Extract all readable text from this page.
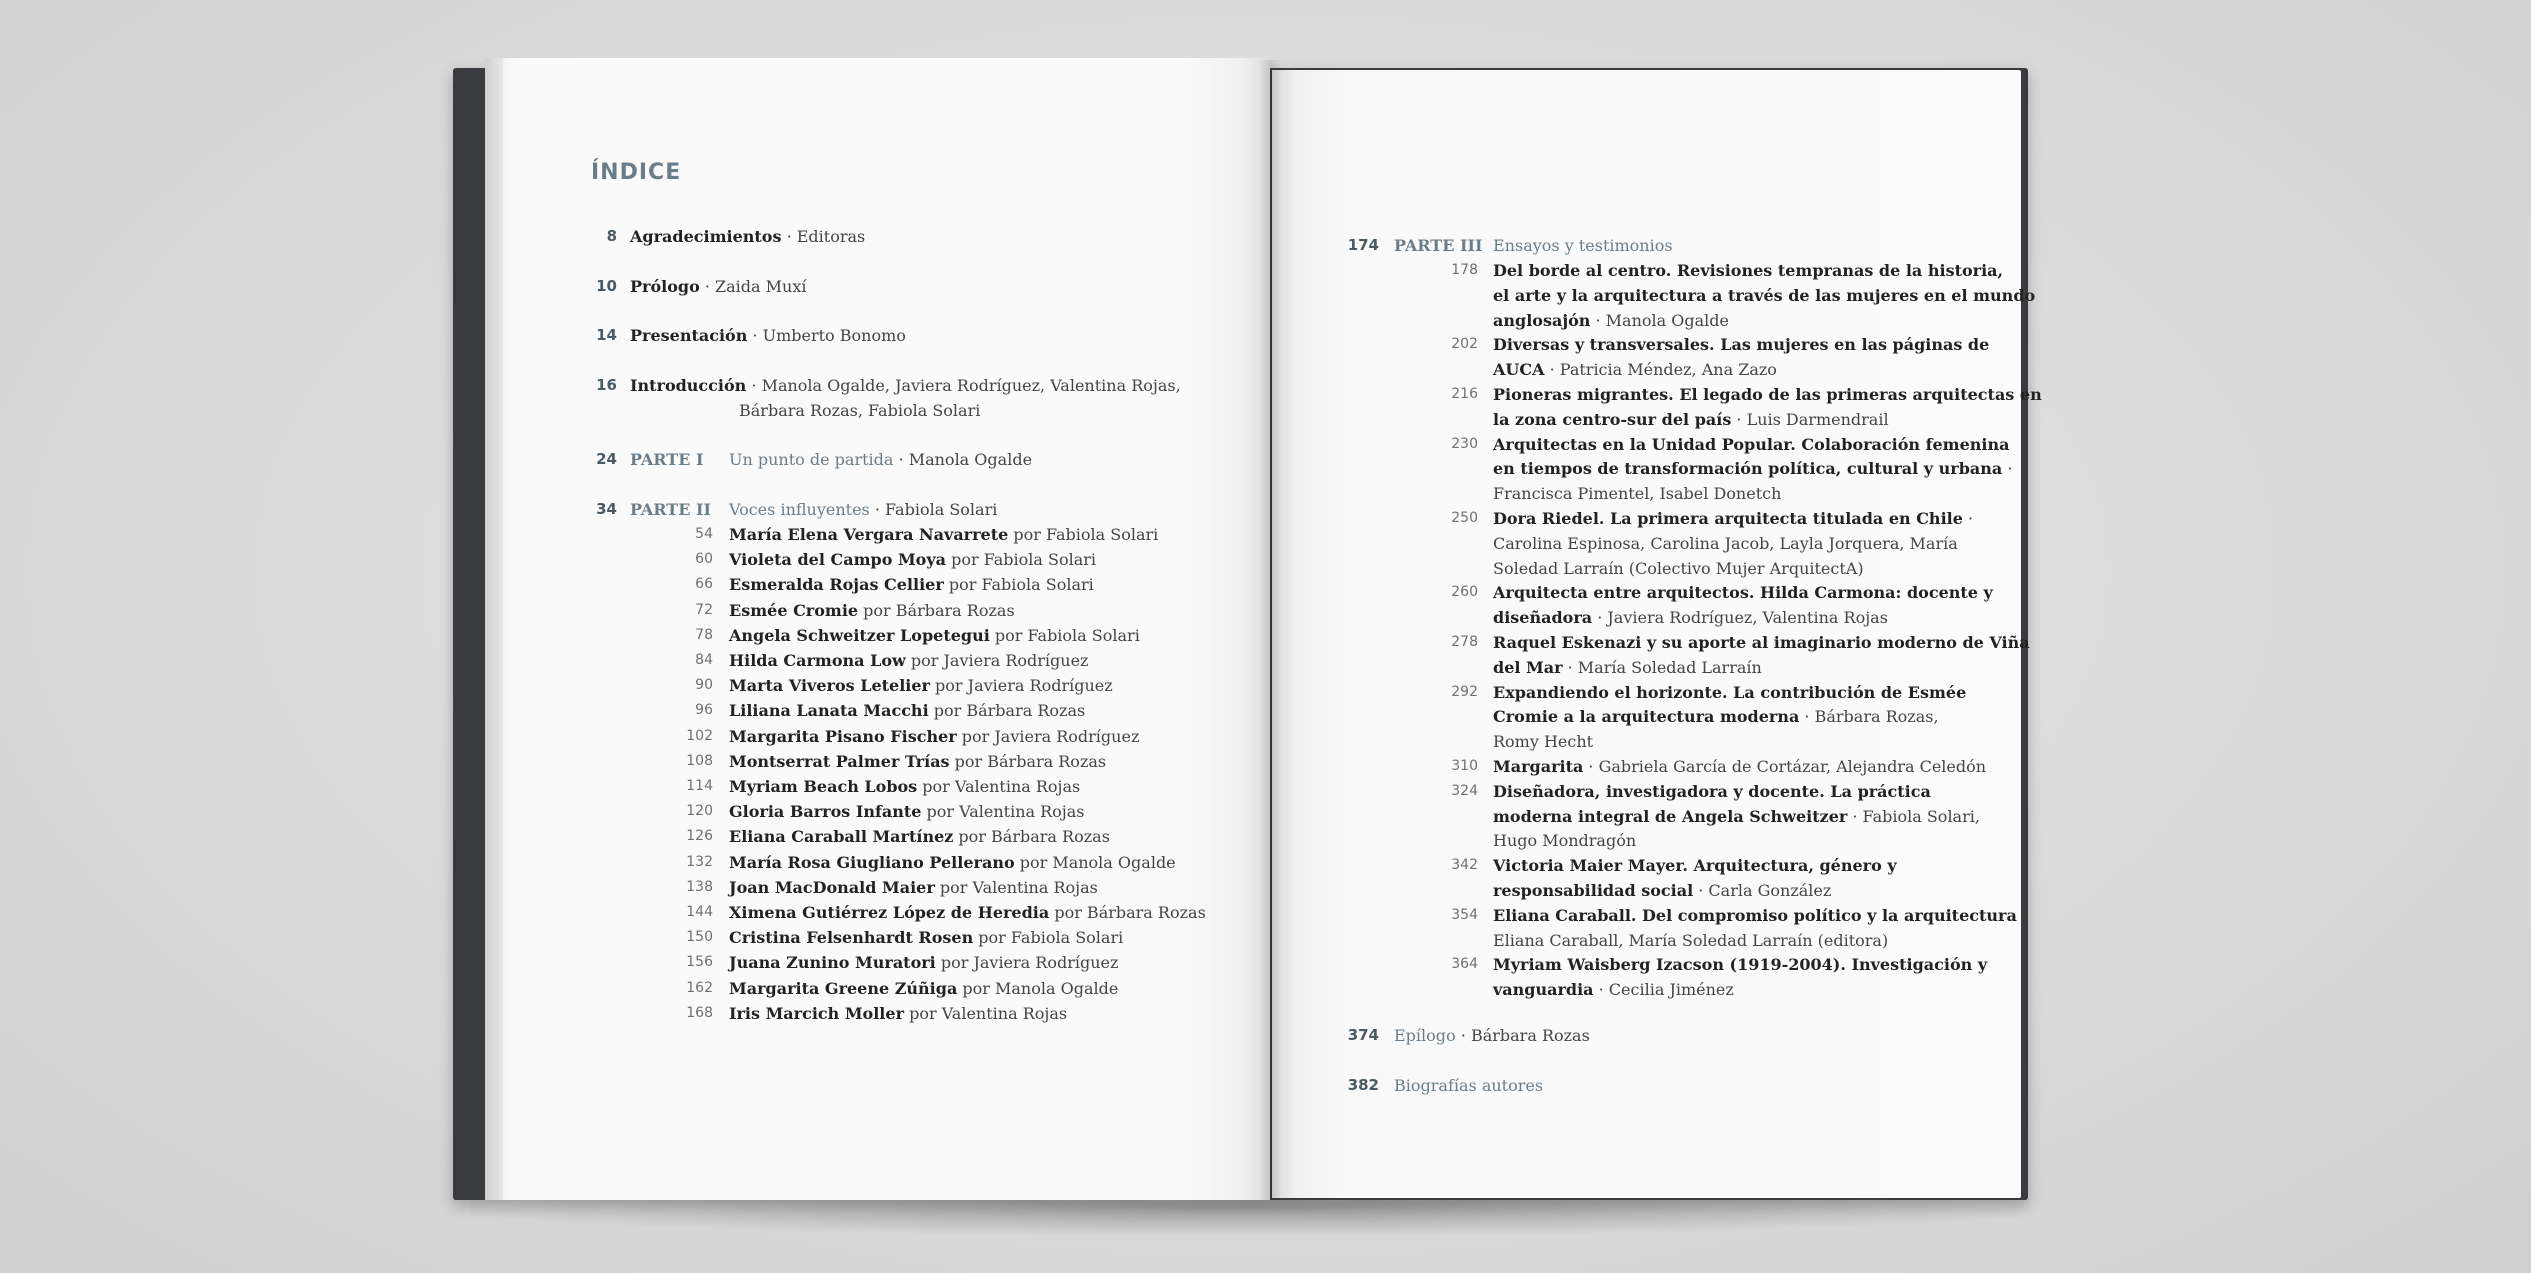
ÍNDICE
8 Agradecimientos · Editoras
10 Prólogo · Zaida Muxí
14 Presentación · Umberto Bonomo
16 Introducción · Manola Ogalde, Javiera Rodríguez, Valentina Rojas,
Bárbara Rozas, Fabiola Solari
24 PARTE I Un punto de partida · Manola Ogalde
34 PARTE II Voces influyentes · Fabiola Solari
54 María Elena Vergara Navarrete por Fabiola Solari
60 Violeta del Campo Moya por Fabiola Solari
66 Esmeralda Rojas Cellier por Fabiola Solari
72 Esmée Cromie por Bárbara Rozas
78 Angela Schweitzer Lopetegui por Fabiola Solari
84 Hilda Carmona Low por Javiera Rodríguez
90 Marta Viveros Letelier por Javiera Rodríguez
96 Liliana Lanata Macchi por Bárbara Rozas
102 Margarita Pisano Fischer por Javiera Rodríguez
108 Montserrat Palmer Trías por Bárbara Rozas
114 Myriam Beach Lobos por Valentina Rojas
120 Gloria Barros Infante por Valentina Rojas
126 Eliana Caraball Martínez por Bárbara Rozas
132 María Rosa Giugliano Pellerano por Manola Ogalde
138 Joan MacDonald Maier por Valentina Rojas
144 Ximena Gutiérrez López de Heredia por Bárbara Rozas
150 Cristina Felsenhardt Rosen por Fabiola Solari
156 Juana Zunino Muratori por Javiera Rodríguez
162 Margarita Greene Zúñiga por Manola Ogalde
168 Iris Marcich Moller por Valentina Rojas
174 PARTE III Ensayos y testimonios
178 Del borde al centro. Revisiones tempranas de la historia,
el arte y la arquitectura a través de las mujeres en el mundo
anglosajón · Manola Ogalde
202 Diversas y transversales. Las mujeres en las páginas de
AUCA · Patricia Méndez, Ana Zazo
216 Pioneras migrantes. El legado de las primeras arquitectas en
la zona centro-sur del país · Luis Darmendrail
230 Arquitectas en la Unidad Popular. Colaboración femenina
en tiempos de transformación política, cultural y urbana ·
Francisca Pimentel, Isabel Donetch
250 Dora Riedel. La primera arquitecta titulada en Chile ·
Carolina Espinosa, Carolina Jacob, Layla Jorquera, María
Soledad Larraín (Colectivo Mujer ArquitectA)
260 Arquitecta entre arquitectos. Hilda Carmona: docente y
diseñadora · Javiera Rodríguez, Valentina Rojas
278 Raquel Eskenazi y su aporte al imaginario moderno de Viña
del Mar · María Soledad Larraín
292 Expandiendo el horizonte. La contribución de Esmée
Cromie a la arquitectura moderna · Bárbara Rozas,
Romy Hecht
310 Margarita · Gabriela García de Cortázar, Alejandra Celedón
324 Diseñadora, investigadora y docente. La práctica
moderna integral de Angela Schweitzer · Fabiola Solari,
Hugo Mondragón
342 Victoria Maier Mayer. Arquitectura, género y
responsabilidad social · Carla González
354 Eliana Caraball. Del compromiso político y la arquitectura ·
Eliana Caraball, María Soledad Larraín (editora)
364 Myriam Waisberg Izacson (1919-2004). Investigación y
vanguardia · Cecilia Jiménez
374 Epílogo · Bárbara Rozas
382 Biografías autores
